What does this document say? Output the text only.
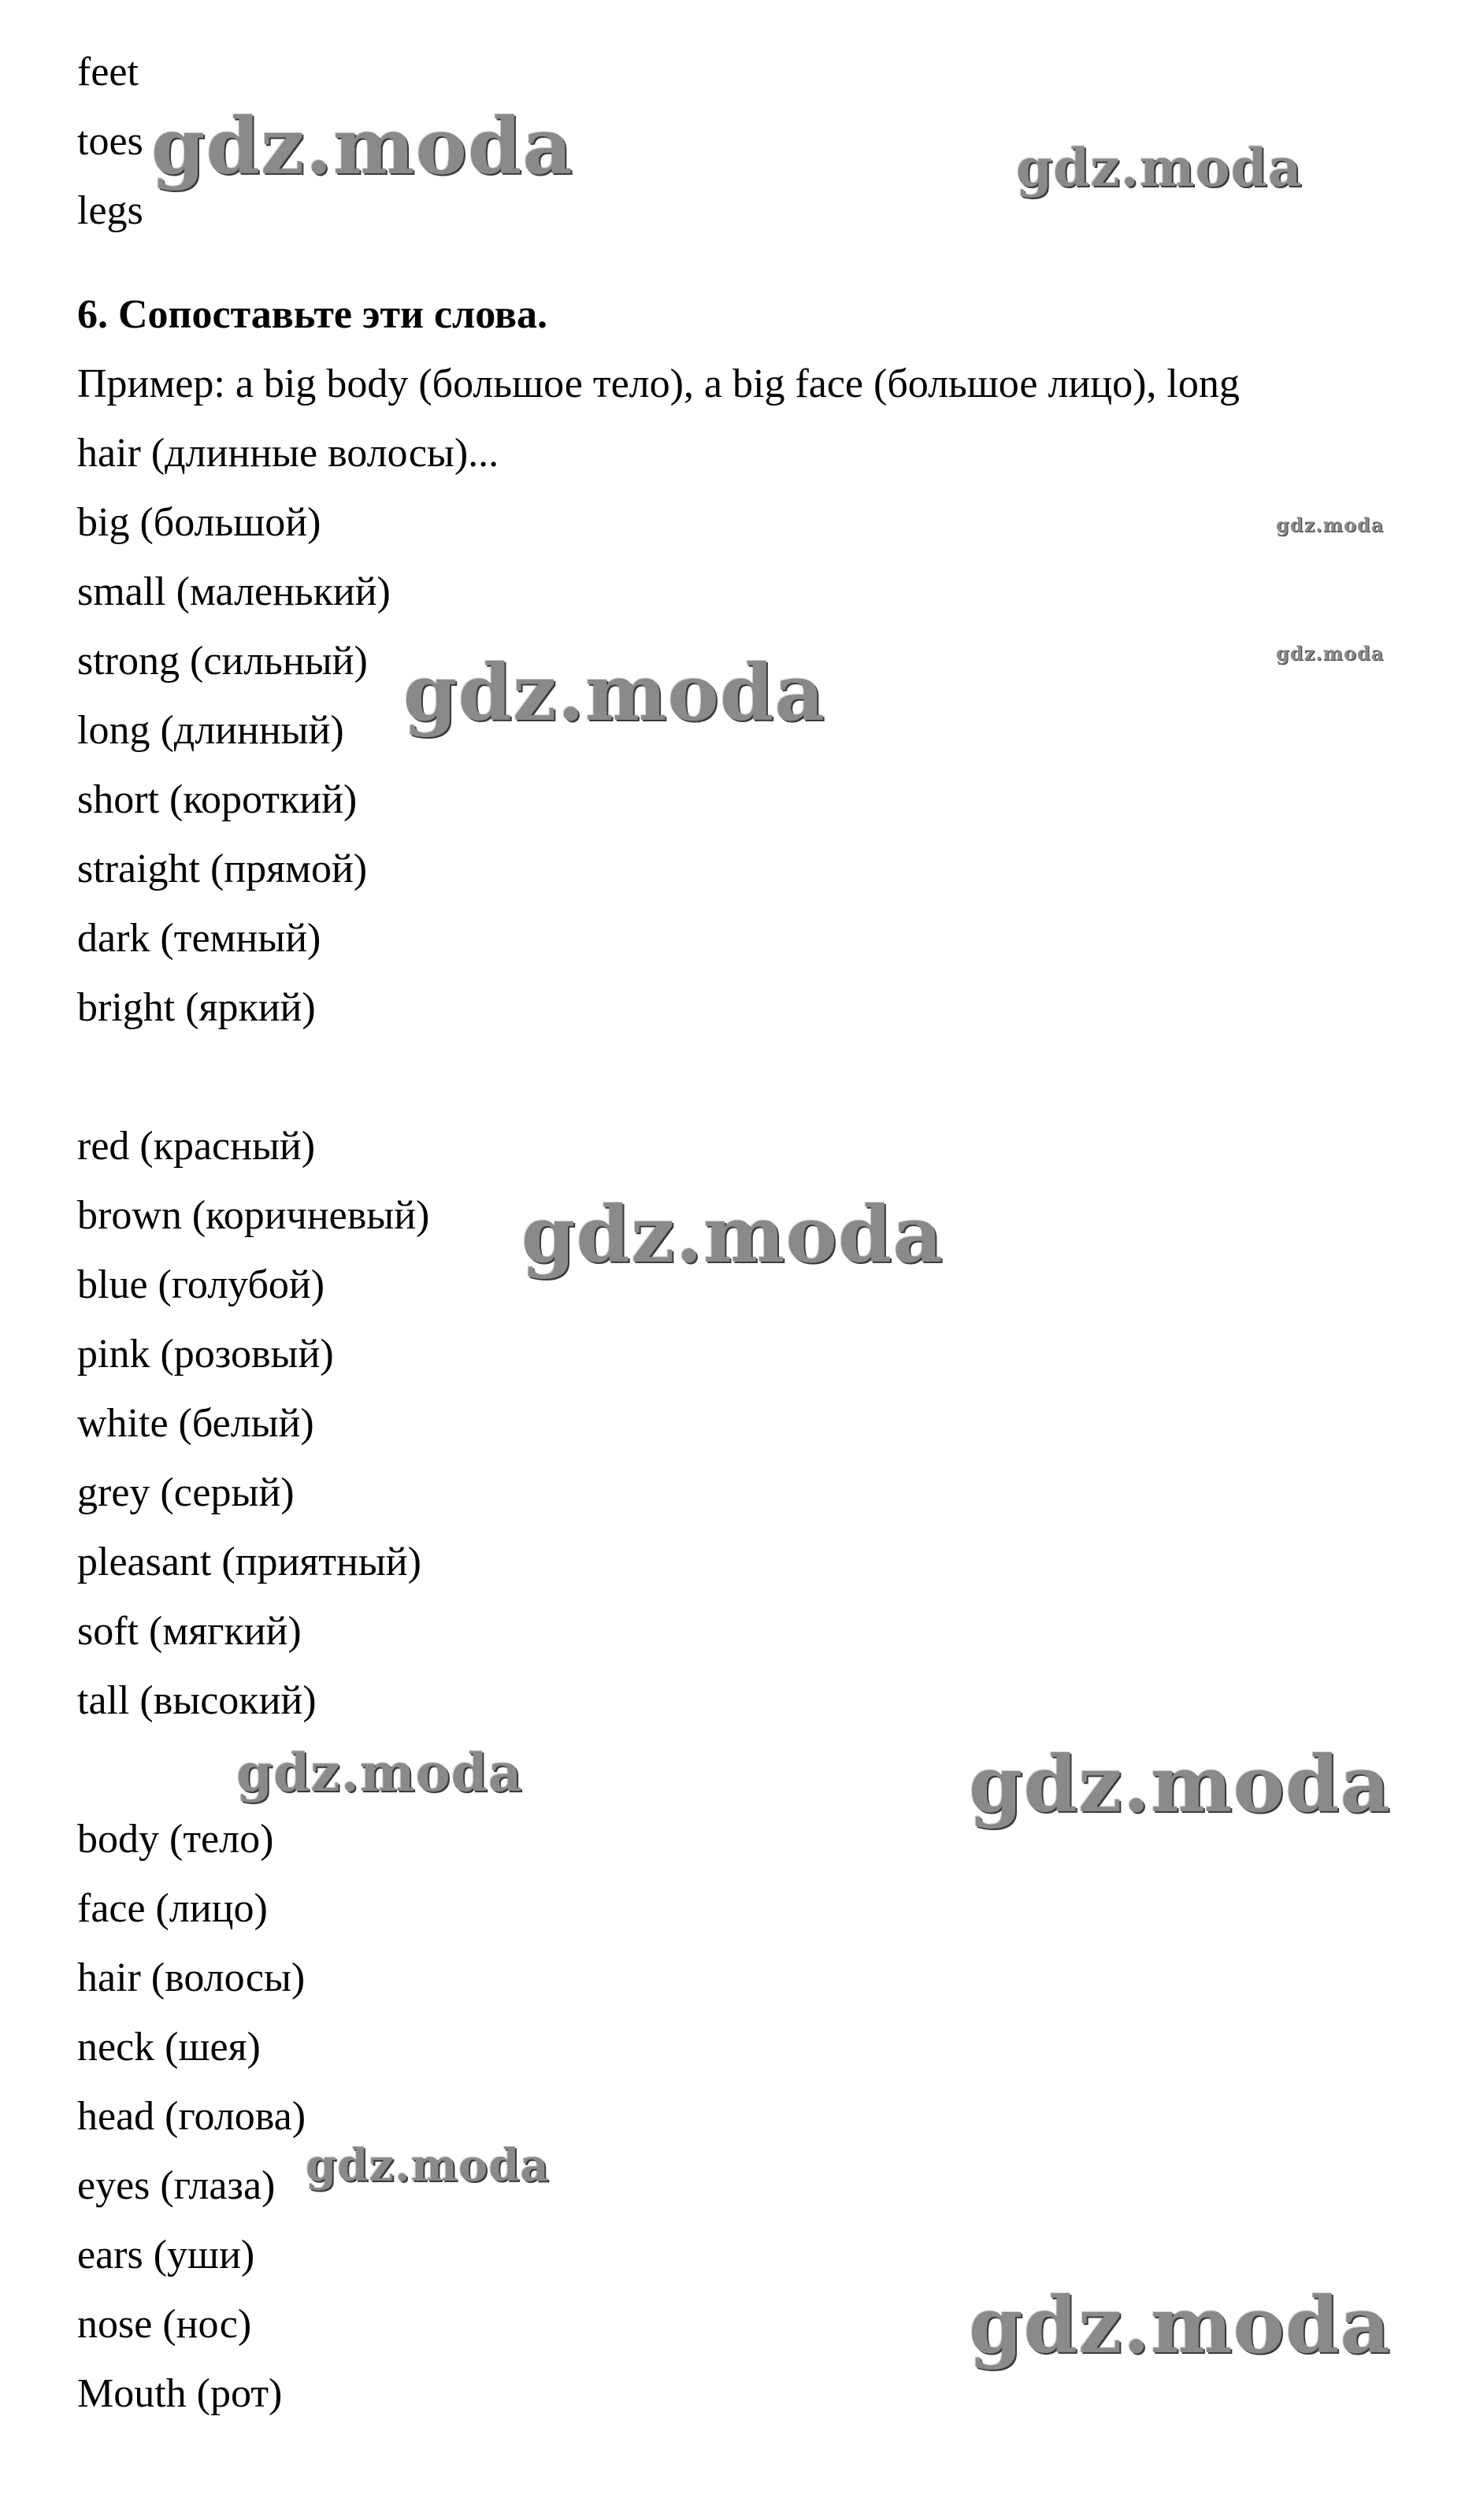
feet
toes
legs
6. Сопоставьте эти слова.
Пример: a big body (большое тело), a big face (большое лицо), long
hair (длинные волосы)...
big (большой)
small (маленький)
strong (сильный)
long (длинный)
short (короткий)
straight (прямой)
dark (темный)
bright (яркий)
red (красный)
brown (коричневый)
blue (голубой)
pink (розовый)
white (белый)
grey (серый)
pleasant (приятный)
soft (мягкий)
tall (высокий)
body (тело)
face (лицо)
hair (волосы)
neck (шея)
head (голова)
eyes (глаза)
ears (уши)
nose (нос)
Mouth (рот)
gdz.moda	gdz.moda
gdz.moda
gdz.moda
gdz.moda
gdz.moda
gdz.moda	gdz.moda
gdz.moda
gdz.moda
